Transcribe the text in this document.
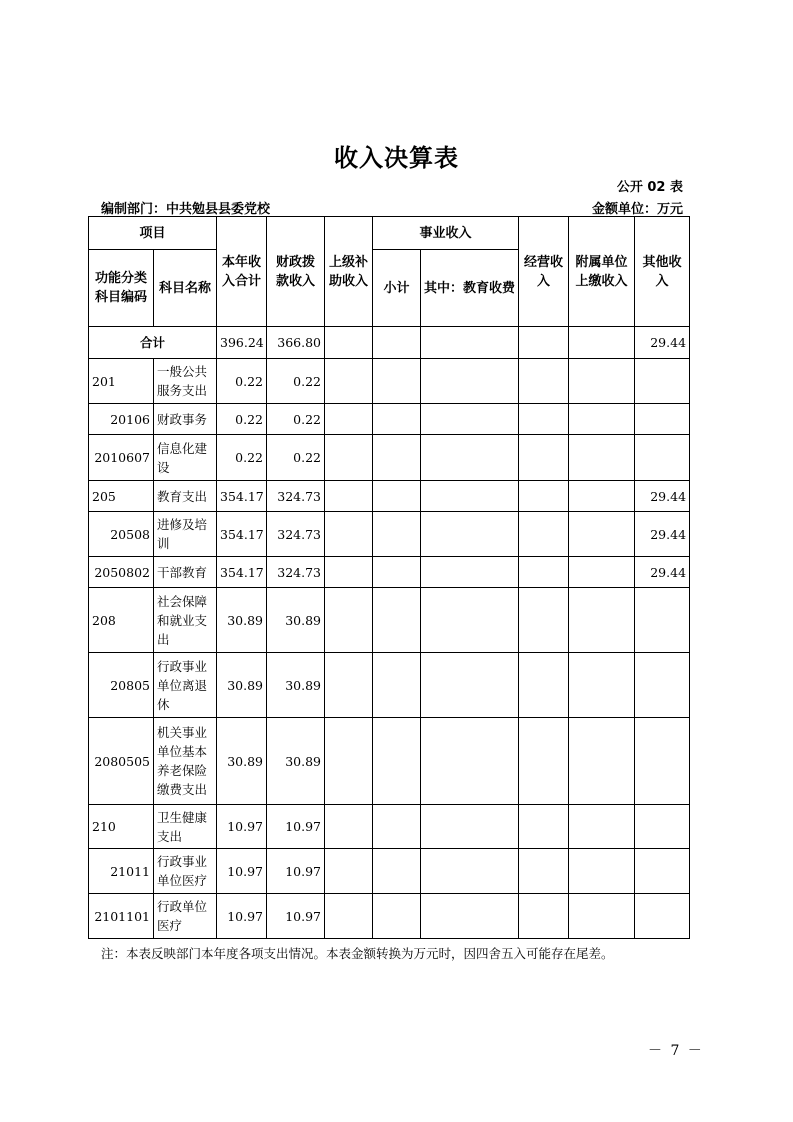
收入决算表
公开 02 表
编制部门：中共勉县县委党校	金额单位：万元
项目		本年收入合计	财政拨款收入	上级补助收入	事业收入		经营收入	附属单位上缴收入	其他收入
功能分类科目编码	科目名称				小计	其中：教育收费			
合计		396.24	366.80						29.44
201	一般公共服务支出	0.22	0.22						
20106	财政事务	0.22	0.22						
2010607	信息化建设	0.22	0.22						
205	教育支出	354.17	324.73						29.44
20508	进修及培训	354.17	324.73						29.44
2050802	干部教育	354.17	324.73						29.44
208	社会保障和就业支出	30.89	30.89						
20805	行政事业单位离退休	30.89	30.89						
2080505	机关事业单位基本养老保险缴费支出	30.89	30.89						
210	卫生健康支出	10.97	10.97						
21011	行政事业单位医疗	10.97	10.97						
2101101	行政单位医疗	10.97	10.97						
注：本表反映部门本年度各项支出情况。本表金额转换为万元时，因四舍五入可能存在尾差。
－ 7 －
